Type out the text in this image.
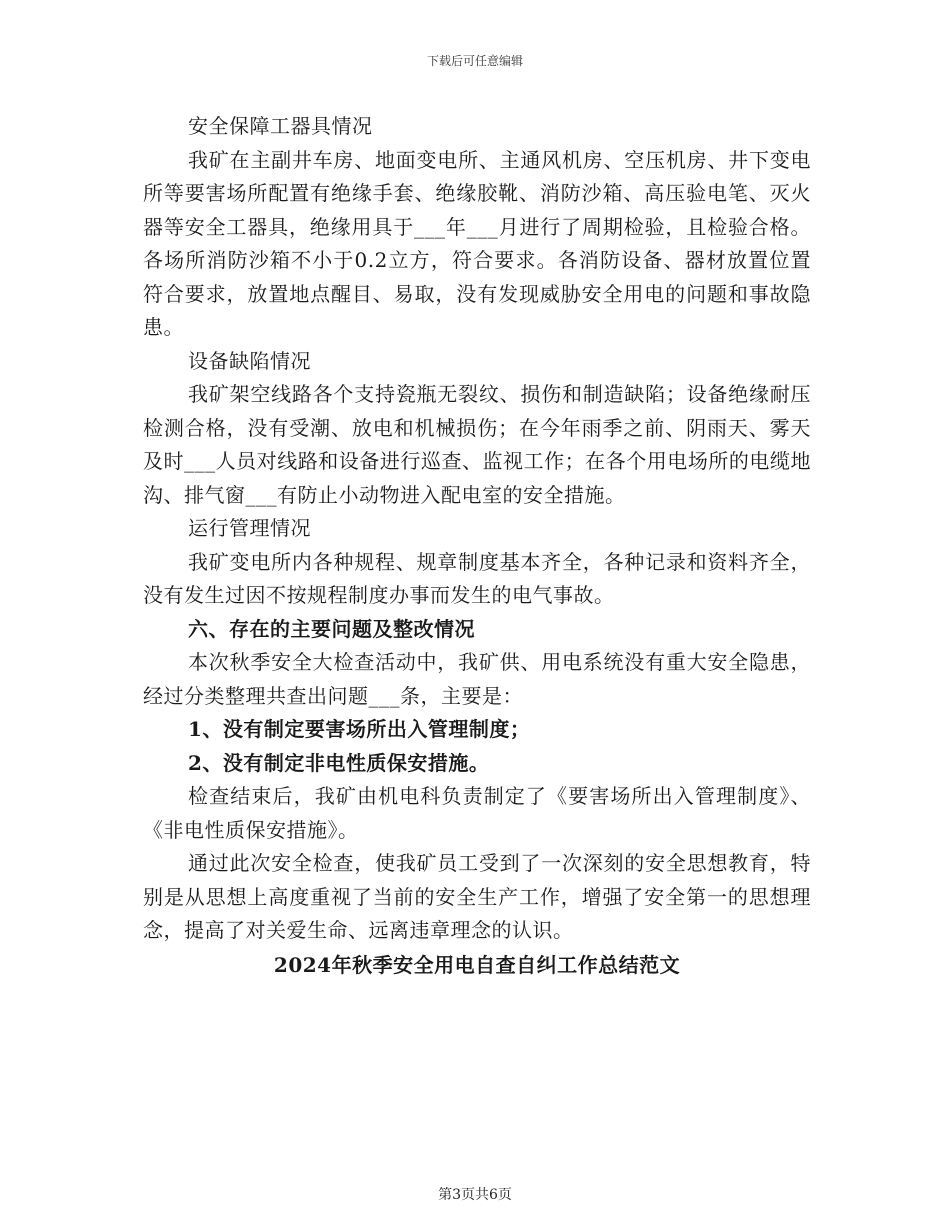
下载后可任意编辑

安全保障工器具情况

我矿在主副井车房、地面变电所、主通风机房、空压机房、井下变电所等要害场所配置有绝缘手套、绝缘胶靴、消防沙箱、高压验电笔、灭火器等安全工器具，绝缘用具于___年___月进行了周期检验，且检验合格。各场所消防沙箱不小于0.2立方，符合要求。各消防设备、器材放置位置符合要求，放置地点醒目、易取，没有发现威胁安全用电的问题和事故隐患。

设备缺陷情况

我矿架空线路各个支持瓷瓶无裂纹、损伤和制造缺陷；设备绝缘耐压检测合格，没有受潮、放电和机械损伤；在今年雨季之前、阴雨天、雾天及时___人员对线路和设备进行巡查、监视工作；在各个用电场所的电缆地沟、排气窗___有防止小动物进入配电室的安全措施。

运行管理情况

我矿变电所内各种规程、规章制度基本齐全，各种记录和资料齐全，没有发生过因不按规程制度办事而发生的电气事故。

六、存在的主要问题及整改情况

本次秋季安全大检查活动中，我矿供、用电系统没有重大安全隐患，经过分类整理共查出问题___条，主要是：

1、没有制定要害场所出入管理制度；

2、没有制定非电性质保安措施。

检查结束后，我矿由机电科负责制定了《要害场所出入管理制度》、《非电性质保安措施》。

通过此次安全检查，使我矿员工受到了一次深刻的安全思想教育，特别是从思想上高度重视了当前的安全生产工作，增强了安全第一的思想理念，提高了对关爱生命、远离违章理念的认识。

2024年秋季安全用电自查自纠工作总结范文

第3页共6页
